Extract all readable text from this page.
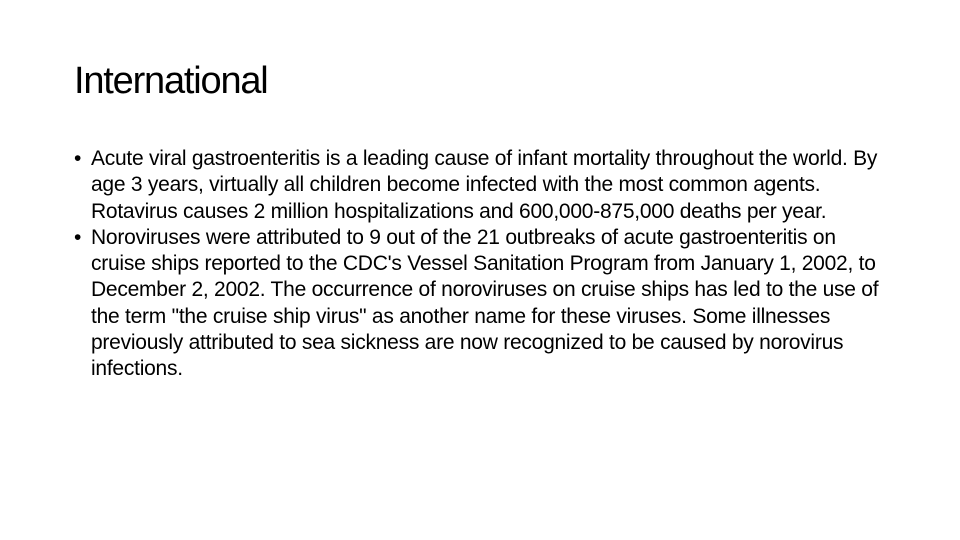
International
• Acute viral gastroenteritis is a leading cause of infant mortality throughout the world. By age 3 years, virtually all children become infected with the most common agents. Rotavirus causes 2 million hospitalizations and 600,000-875,000 deaths per year.
• Noroviruses were attributed to 9 out of the 21 outbreaks of acute gastroenteritis on cruise ships reported to the CDC's Vessel Sanitation Program from January 1, 2002, to December 2, 2002. The occurrence of noroviruses on cruise ships has led to the use of the term "the cruise ship virus" as another name for these viruses. Some illnesses previously attributed to sea sickness are now recognized to be caused by norovirus infections.
